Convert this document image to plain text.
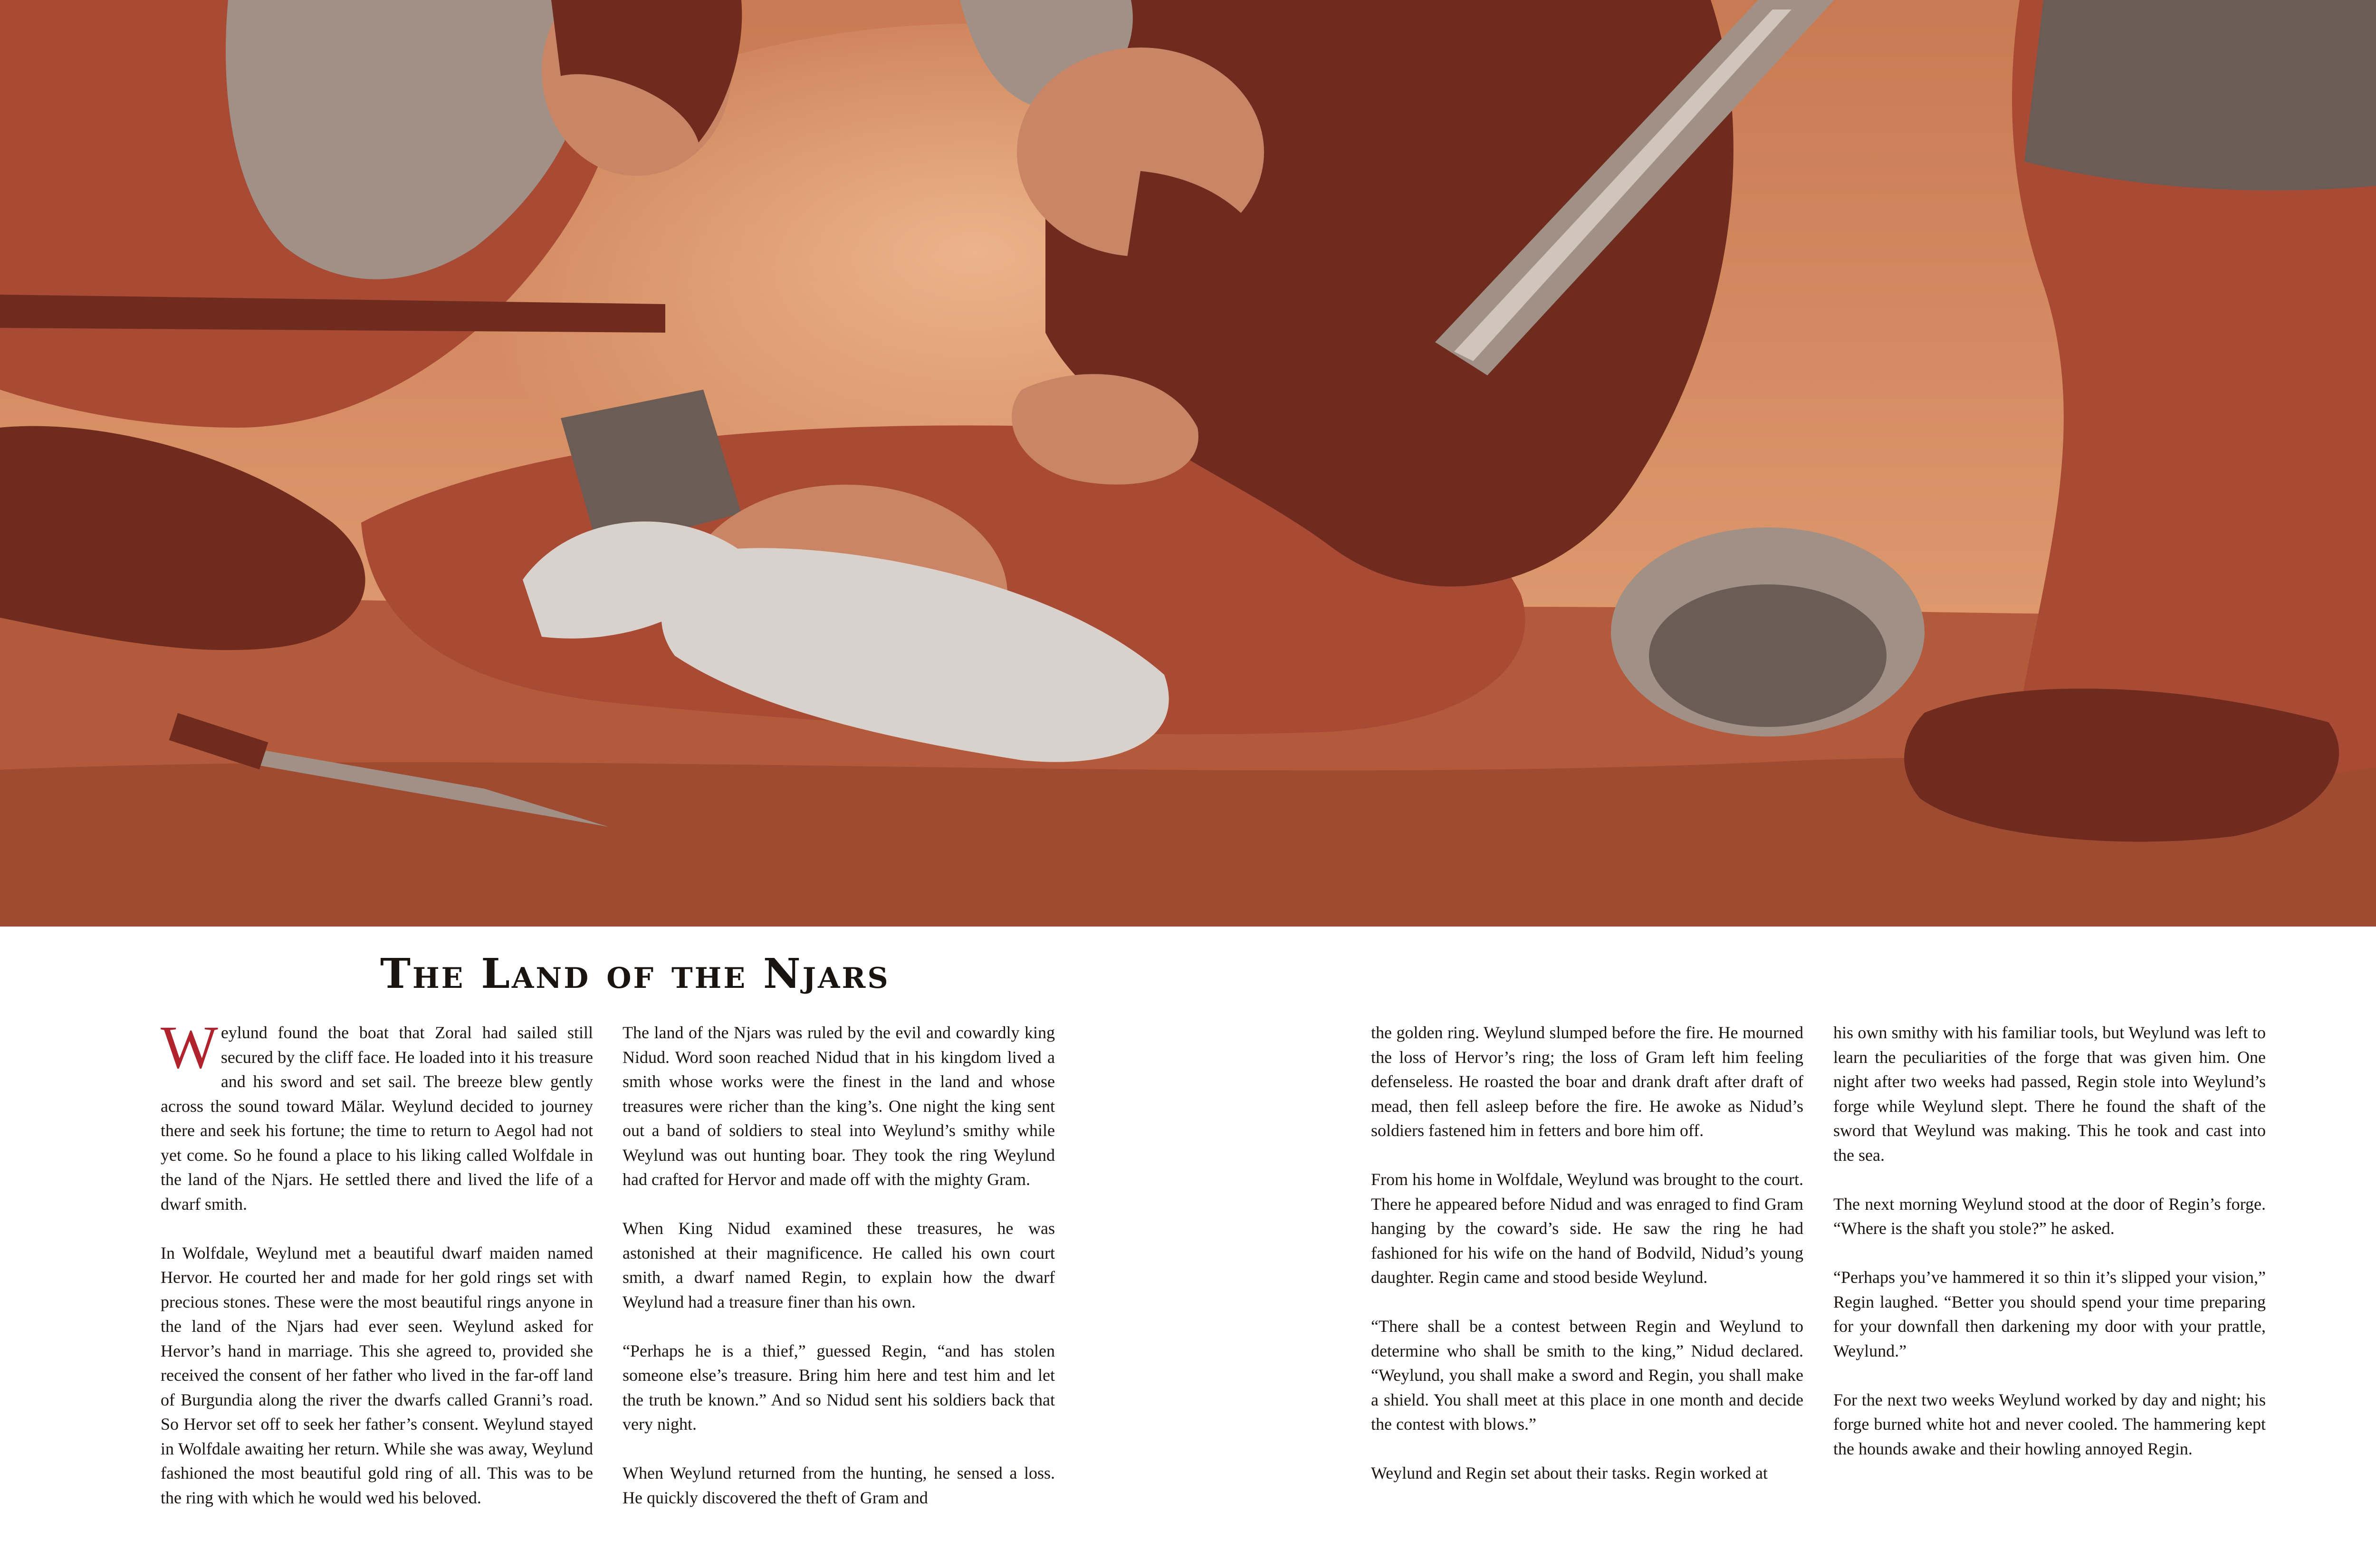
The Land of the Njars

Weylund found the boat that Zoral had sailed still secured by the cliff face. He loaded into it his treasure and his sword and set sail. The breeze blew gently across the sound toward Mälar. Weylund decided to journey there and seek his fortune; the time to return to Aegol had not yet come. So he found a place to his liking called Wolfdale in the land of the Njars. He settled there and lived the life of a dwarf smith.

In Wolfdale, Weylund met a beautiful dwarf maiden named Hervor. He courted her and made for her gold rings set with precious stones. These were the most beautiful rings anyone in the land of the Njars had ever seen. Weylund asked for Hervor’s hand in marriage. This she agreed to, provided she received the consent of her father who lived in the far-off land of Burgundia along the river the dwarfs called Granni’s road. So Hervor set off to seek her father’s consent. Weylund stayed in Wolfdale awaiting her return. While she was away, Weylund fashioned the most beautiful gold ring of all. This was to be the ring with which he would wed his beloved.

The land of the Njars was ruled by the evil and cowardly king Nidud. Word soon reached Nidud that in his kingdom lived a smith whose works were the finest in the land and whose treasures were richer than the king’s. One night the king sent out a band of soldiers to steal into Weylund’s smithy while Weylund was out hunting boar. They took the ring Weylund had crafted for Hervor and made off with the mighty Gram.

When King Nidud examined these treasures, he was astonished at their magnificence. He called his own court smith, a dwarf named Regin, to explain how the dwarf Weylund had a treasure finer than his own.

“Perhaps he is a thief,” guessed Regin, “and has stolen someone else’s treasure. Bring him here and test him and let the truth be known.” And so Nidud sent his soldiers back that very night.

When Weylund returned from the hunting, he sensed a loss. He quickly discovered the theft of Gram and

the golden ring. Weylund slumped before the fire. He mourned the loss of Hervor’s ring; the loss of Gram left him feeling defenseless. He roasted the boar and drank draft after draft of mead, then fell asleep before the fire. He awoke as Nidud’s soldiers fastened him in fetters and bore him off.

From his home in Wolfdale, Weylund was brought to the court. There he appeared before Nidud and was enraged to find Gram hanging by the coward’s side. He saw the ring he had fashioned for his wife on the hand of Bodvild, Nidud’s young daughter. Regin came and stood beside Weylund.

“There shall be a contest between Regin and Weylund to determine who shall be smith to the king,” Nidud declared. “Weylund, you shall make a sword and Regin, you shall make a shield. You shall meet at this place in one month and decide the contest with blows.”

Weylund and Regin set about their tasks. Regin worked at

his own smithy with his familiar tools, but Weylund was left to learn the peculiarities of the forge that was given him. One night after two weeks had passed, Regin stole into Weylund’s forge while Weylund slept. There he found the shaft of the sword that Weylund was making. This he took and cast into the sea.

The next morning Weylund stood at the door of Regin’s forge. “Where is the shaft you stole?” he asked.

“Perhaps you’ve hammered it so thin it’s slipped your vision,” Regin laughed. “Better you should spend your time preparing for your downfall then darkening my door with your prattle, Weylund.”

For the next two weeks Weylund worked by day and night; his forge burned white hot and never cooled. The hammering kept the hounds awake and their howling annoyed Regin.
